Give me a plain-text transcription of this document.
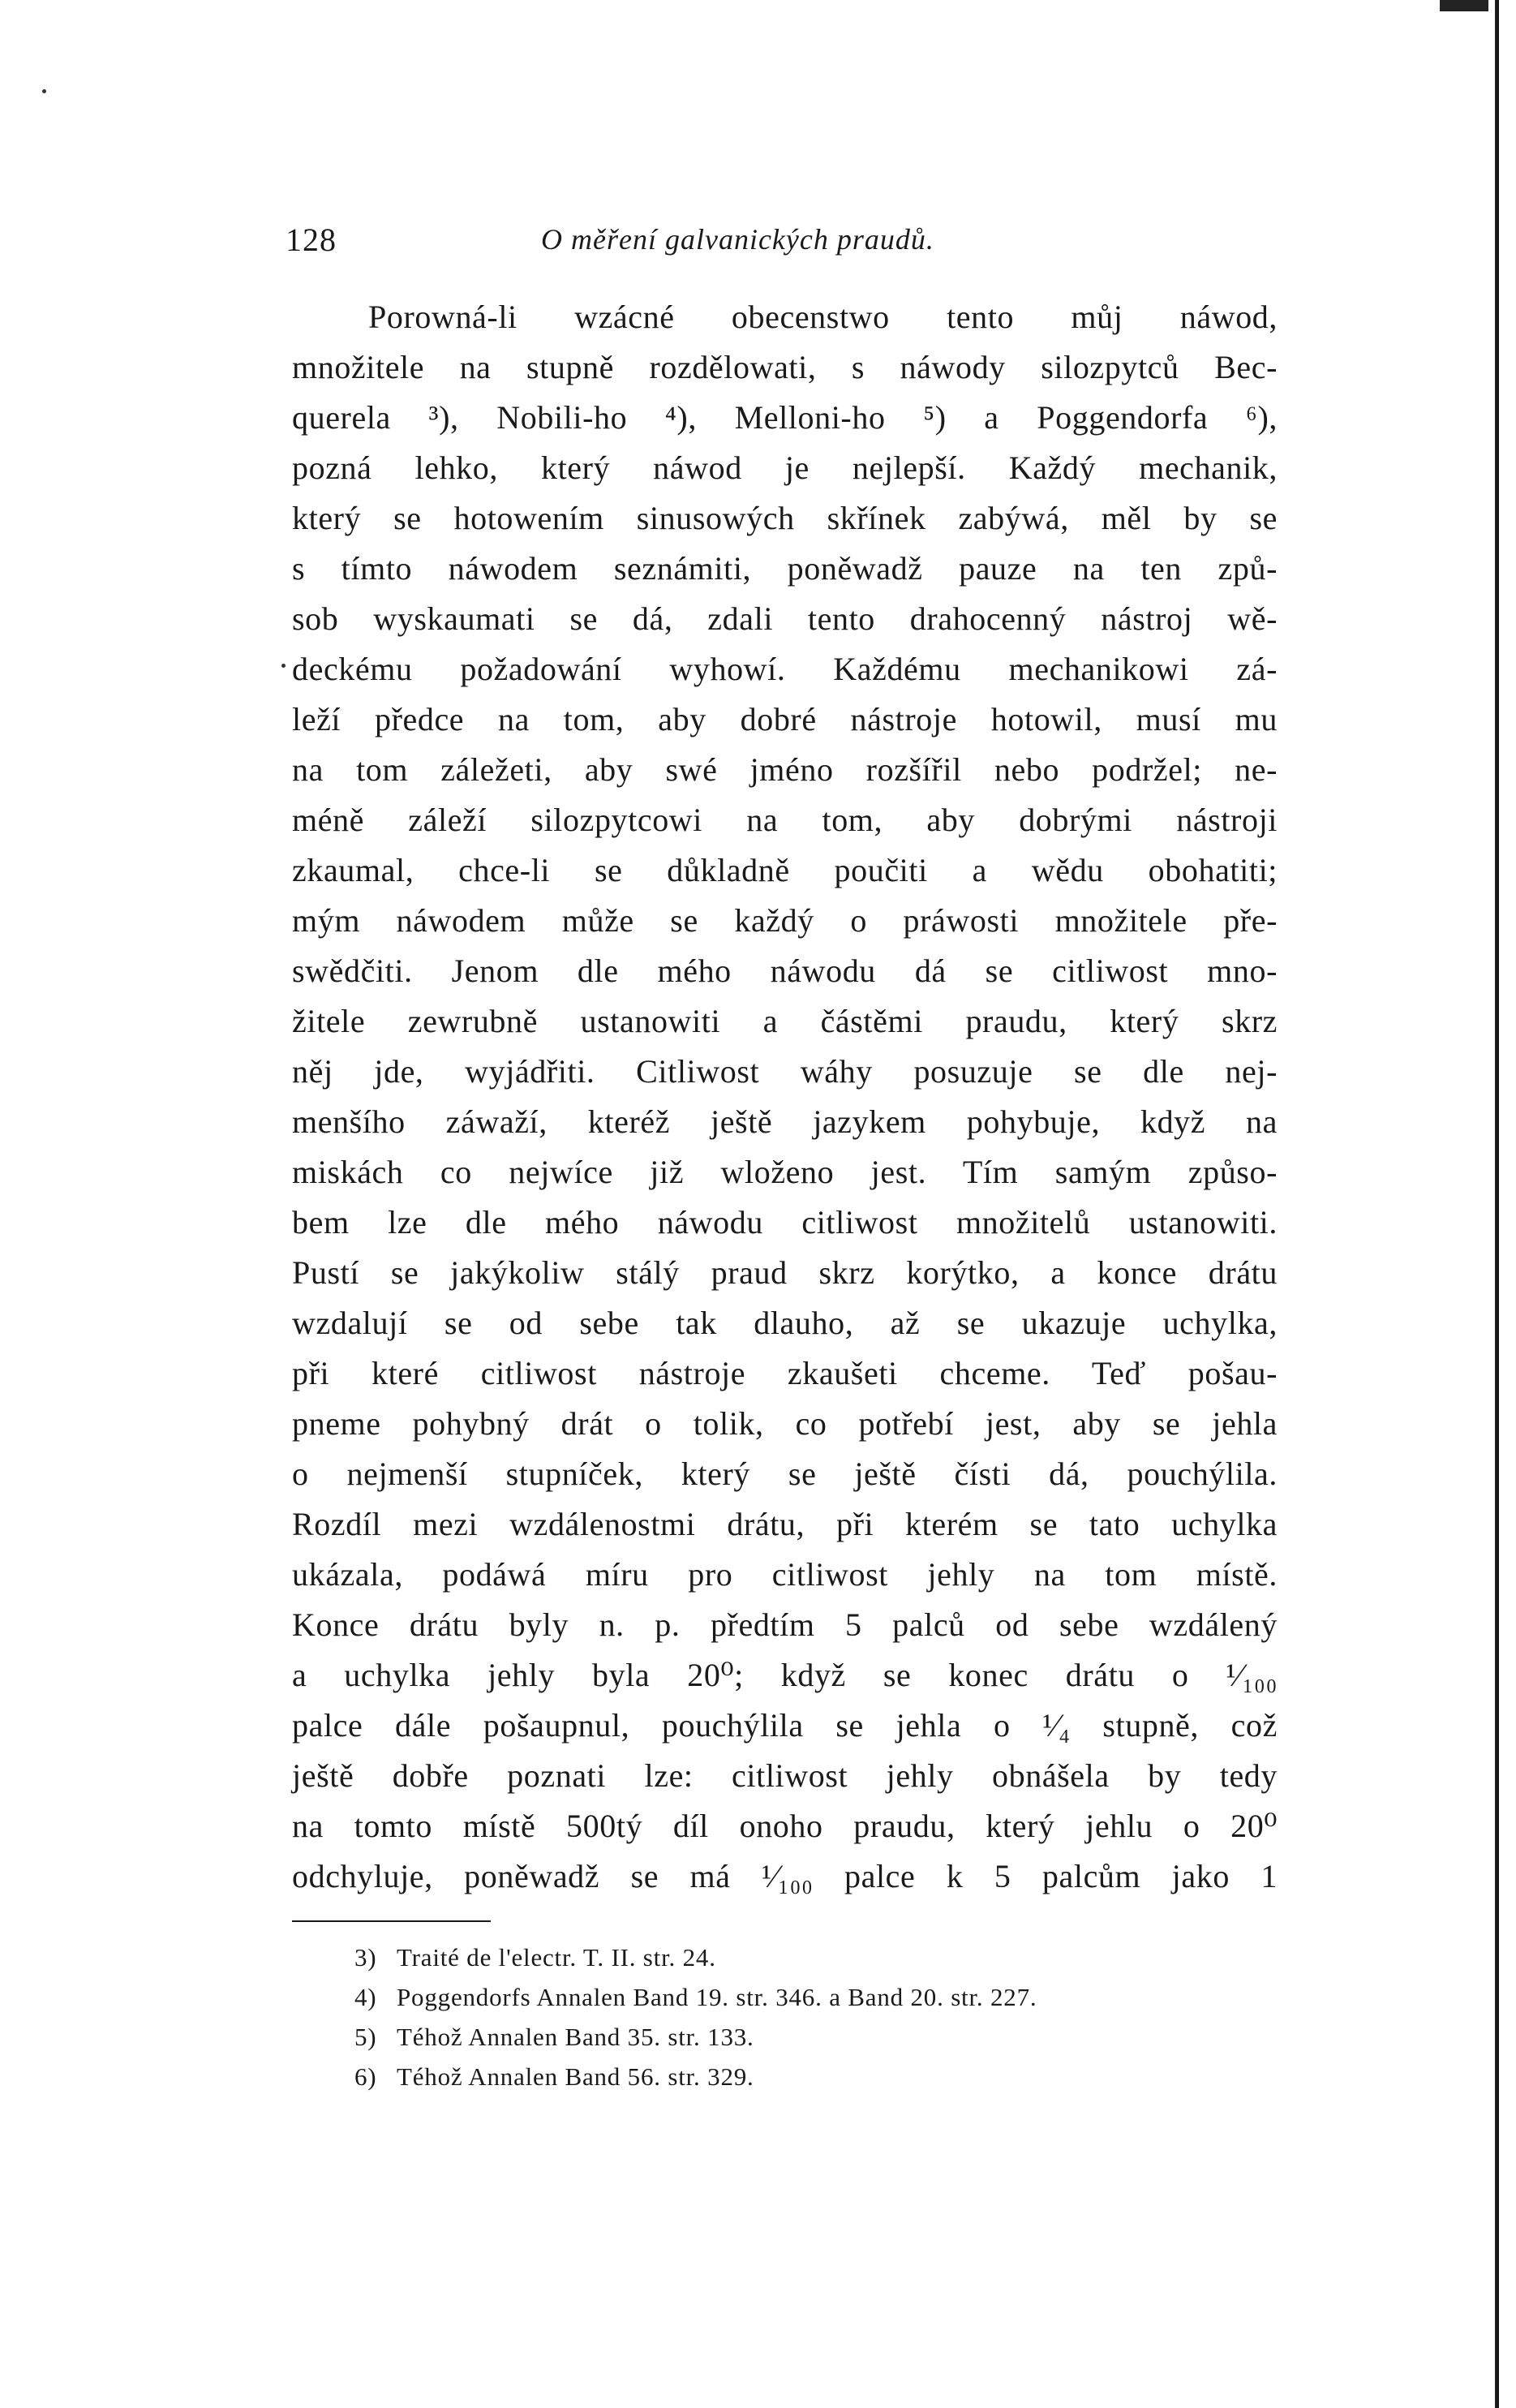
128	O měření galvanických praudů.
Porowná-li wzácné obecenstwo tento můj náwod,
množitele na stupně rozdělowati, s náwody silozpytců Bec-
querela ³), Nobili-ho ⁴), Melloni-ho ⁵) a Poggendorfa ⁶),
pozná lehko, který náwod je nejlepší. Každý mechanik,
který se hotowením sinusowých skřínek zabýwá, měl by se
s tímto náwodem seznámiti, poněwadž pauze na ten způ-
sob wyskaumati se dá, zdali tento drahocenný nástroj wě-
deckému požadowání wyhowí. Každému mechanikowi zá-
leží předce na tom, aby dobré nástroje hotowil, musí mu
na tom záležeti, aby swé jméno rozšířil nebo podržel; ne-
méně záleží silozpytcowi na tom, aby dobrými nástroji
zkaumal, chce-li se důkladně poučiti a wědu obohatiti;
mým náwodem může se každý o práwosti množitele pře-
swědčiti. Jenom dle mého náwodu dá se citliwost mno-
žitele zewrubně ustanowiti a částěmi praudu, který skrz
něj jde, wyjádřiti. Citliwost wáhy posuzuje se dle nej-
menšího záwaží, kteréž ještě jazykem pohybuje, když na
miskách co nejwíce již wloženo jest. Tím samým způso-
bem lze dle mého náwodu citliwost množitelů ustanowiti.
Pustí se jakýkoliw stálý praud skrz korýtko, a konce drátu
wzdalují se od sebe tak dlauho, až se ukazuje uchylka,
při které citliwost nástroje zkaušeti chceme. Teď pošau-
pneme pohybný drát o tolik, co potřebí jest, aby se jehla
o nejmenší stupníček, který se ještě čísti dá, pouchýlila.
Rozdíl mezi wzdálenostmi drátu, při kterém se tato uchylka
ukázala, podáwá míru pro citliwost jehly na tom místě.
Konce drátu byly n. p. předtím 5 palců od sebe wzdálený
a uchylka jehly byla 20⁰; když se konec drátu o ¹⁄₁₀₀
palce dále pošaupnul, pouchýlila se jehla o ¹⁄₄ stupně, což
ještě dobře poznati lze: citliwost jehly obnášela by tedy
na tomto místě 500tý díl onoho praudu, který jehlu o 20⁰
odchyluje, poněwadž se má ¹⁄₁₀₀ palce k 5 palcům jako 1
3) Traité de l'electr. T. II. str. 24.
4) Poggendorfs Annalen Band 19. str. 346. a Band 20. str. 227.
5) Téhož Annalen Band 35. str. 133.
6) Téhož Annalen Band 56. str. 329.
